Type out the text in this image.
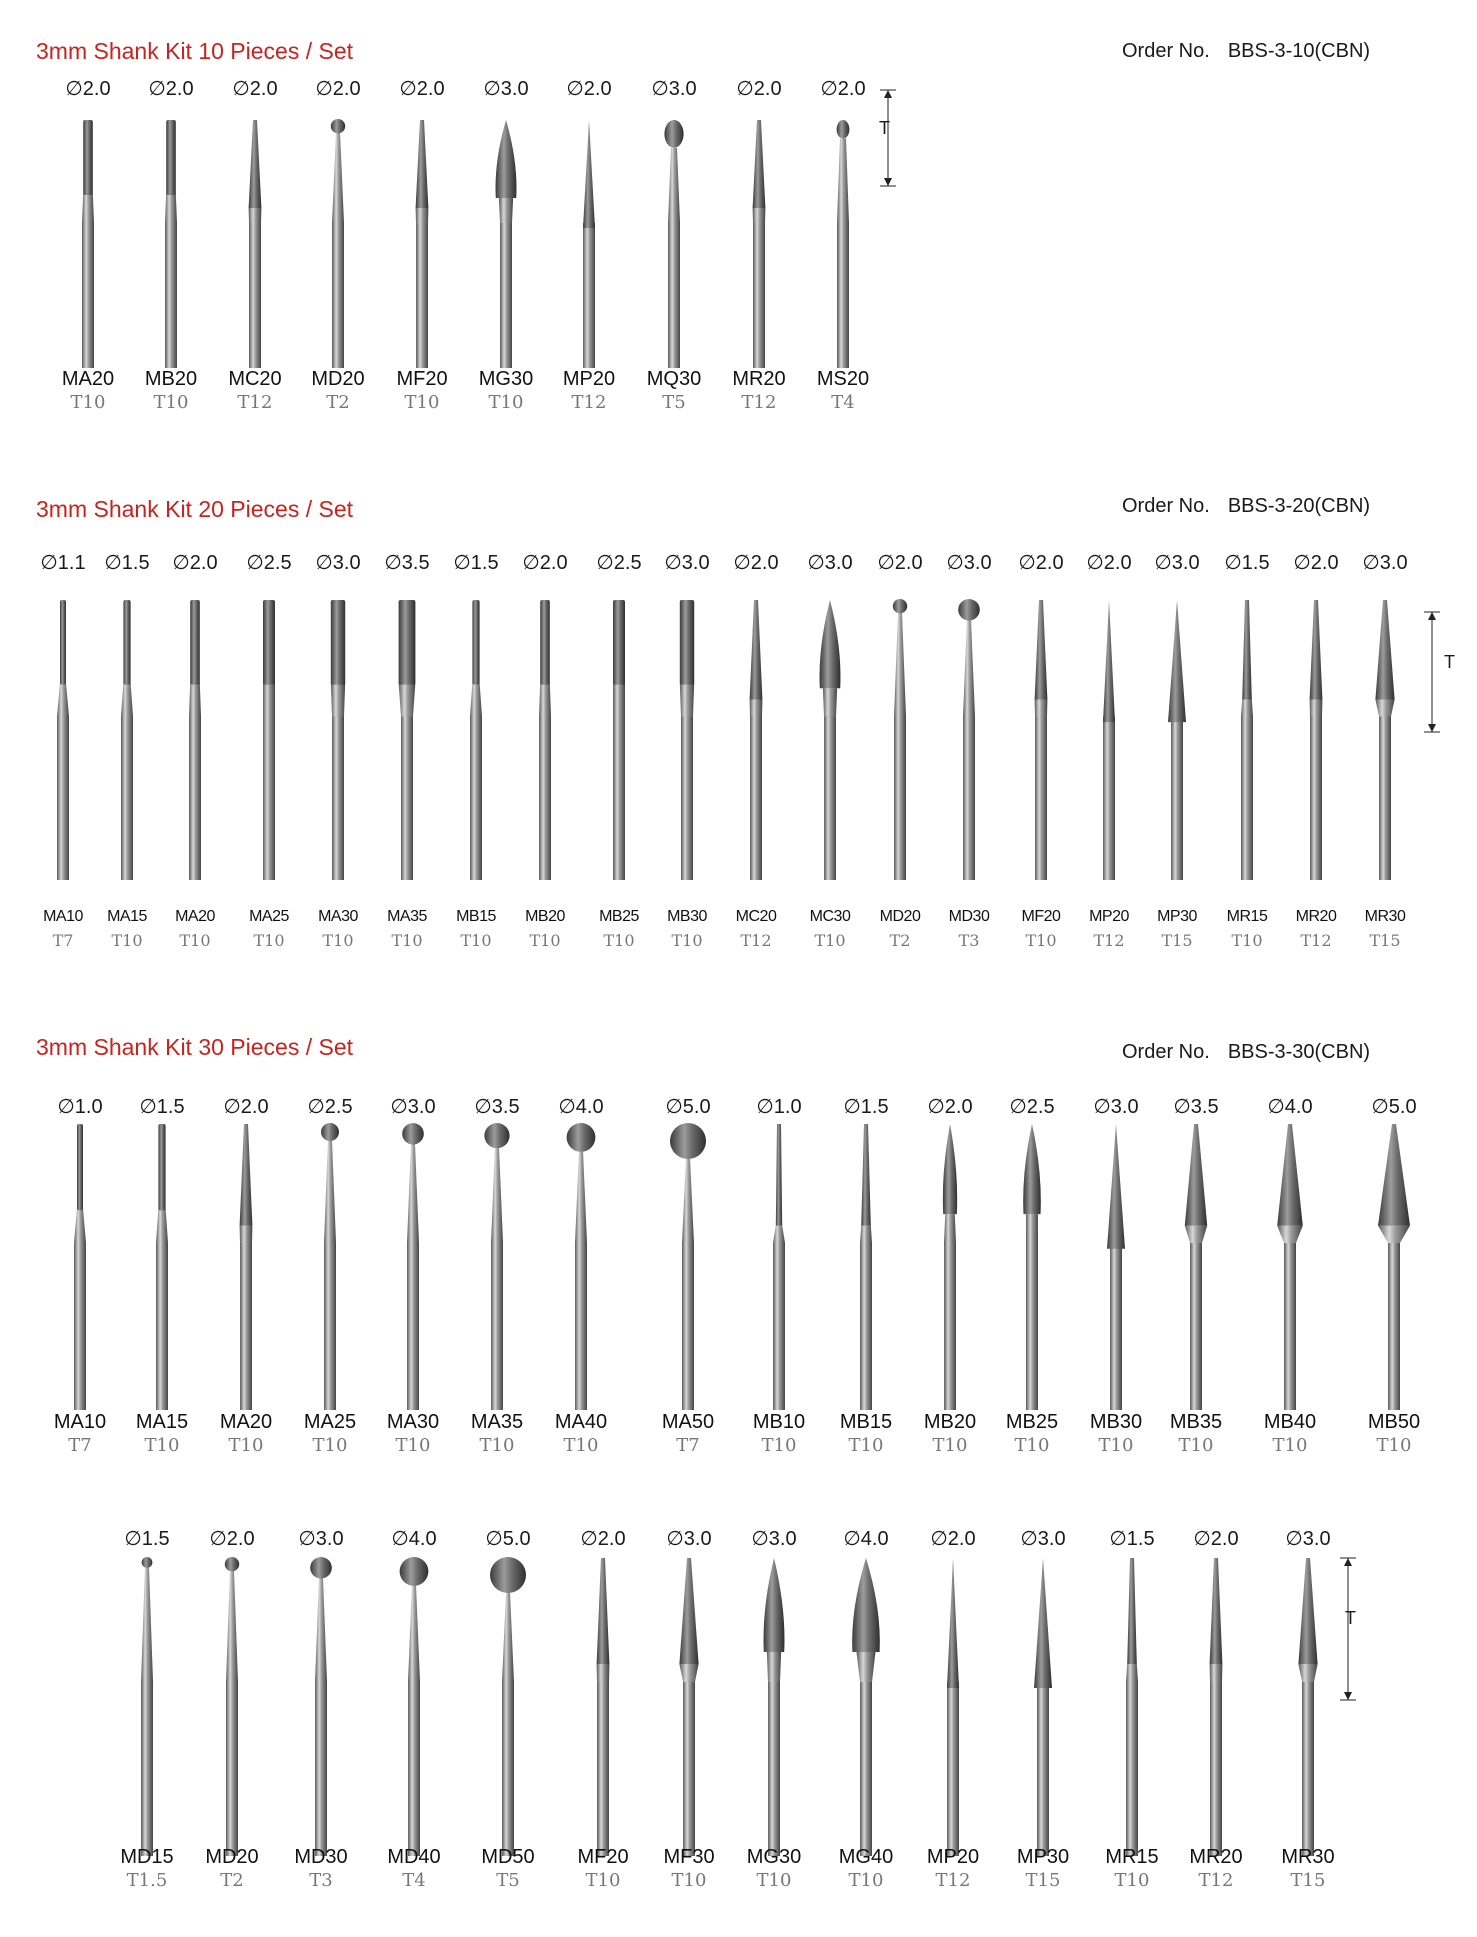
3mm Shank Kit 10 Pieces / Set	Order No. BBS-3-10(CBN)
∅2.0
MA20
T10
∅2.0
MB20
T10
∅2.0
MC20
T12
∅2.0
MD20
T2
∅2.0
MF20
T10
∅3.0
MG30
T10
∅2.0
MP20
T12
∅3.0
MQ30
T5
∅2.0
MR20
T12
∅2.0
MS20
T4
T
3mm Shank Kit 20 Pieces / Set	Order No. BBS-3-20(CBN)
∅1.1
MA10
T7
∅1.5
MA15
T10
∅2.0
MA20
T10
∅2.5
MA25
T10
∅3.0
MA30
T10
∅3.5
MA35
T10
∅1.5
MB15
T10
∅2.0
MB20
T10
∅2.5
MB25
T10
∅3.0
MB30
T10
∅2.0
MC20
T12
∅3.0
MC30
T10
∅2.0
MD20
T2
∅3.0
MD30
T3
∅2.0
MF20
T10
∅2.0
MP20
T12
∅3.0
MP30
T15
∅1.5
MR15
T10
∅2.0
MR20
T12
∅3.0
MR30
T15
T
3mm Shank Kit 30 Pieces / Set	Order No. BBS-3-30(CBN)
∅1.0
MA10
T7
∅1.5
MA15
T10
∅2.0
MA20
T10
∅2.5
MA25
T10
∅3.0
MA30
T10
∅3.5
MA35
T10
∅4.0
MA40
T10
∅5.0
MA50
T7
∅1.0
MB10
T10
∅1.5
MB15
T10
∅2.0
MB20
T10
∅2.5
MB25
T10
∅3.0
MB30
T10
∅3.5
MB35
T10
∅4.0
MB40
T10
∅5.0
MB50
T10
∅1.5
MD15
T1.5
∅2.0
MD20
T2
∅3.0
MD30
T3
∅4.0
MD40
T4
∅5.0
MD50
T5
∅2.0
MF20
T10
∅3.0
MF30
T10
∅3.0
MG30
T10
∅4.0
MG40
T10
∅2.0
MP20
T12
∅3.0
MP30
T15
∅1.5
MR15
T10
∅2.0
MR20
T12
∅3.0
MR30
T15
T
